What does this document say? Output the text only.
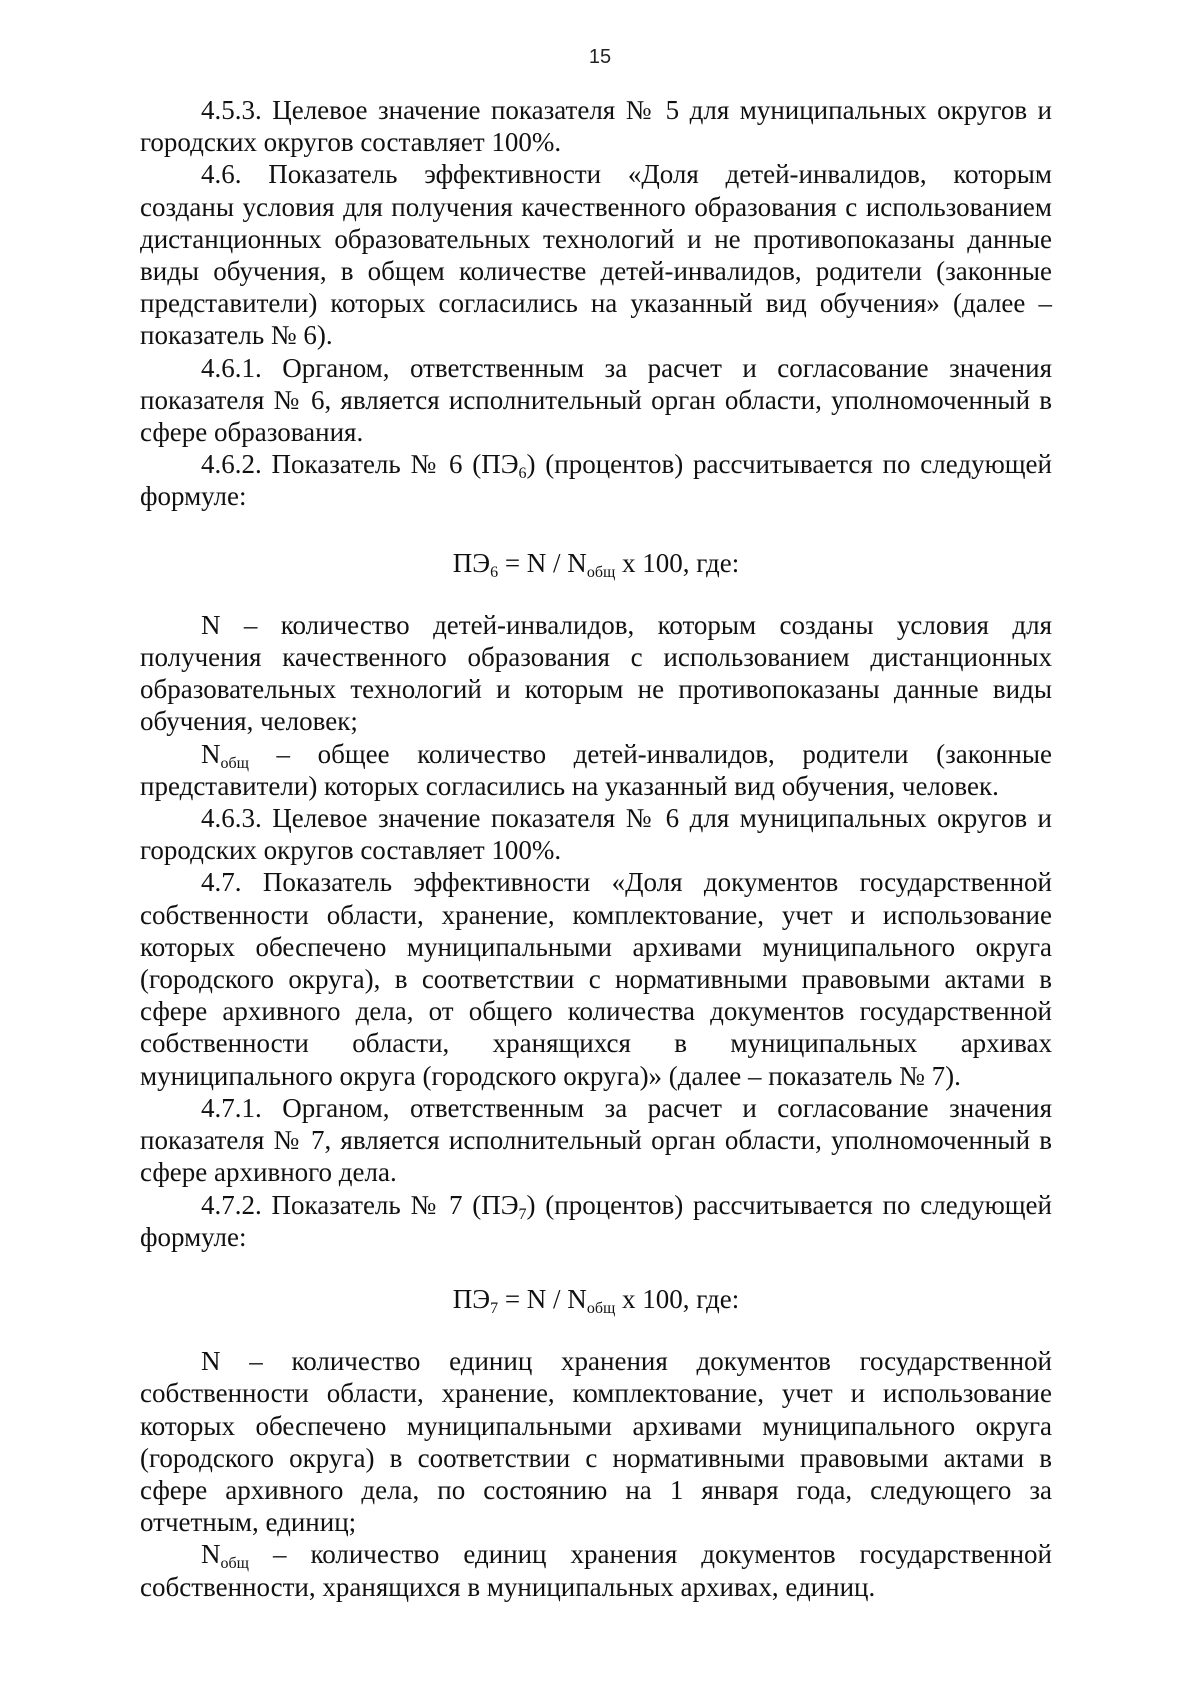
15

4.5.3. Целевое значение показателя № 5 для муниципальных округов и городских округов составляет 100%.

4.6. Показатель эффективности «Доля детей-инвалидов, которым созданы условия для получения качественного образования с использованием дистанционных образовательных технологий и не противопоказаны данные виды обучения, в общем количестве детей-инвалидов, родители (законные представители) которых согласились на указанный вид обучения» (далее – показатель № 6).

4.6.1. Органом, ответственным за расчет и согласование значения показателя № 6, является исполнительный орган области, уполномоченный в сфере образования.

4.6.2. Показатель № 6 $(ПЭ_6)$ (процентов) рассчитывается по следующей формуле:

$ПЭ_6 = N / N_{общ}$ х 100, где:

N – количество детей-инвалидов, которым созданы условия для получения качественного образования с использованием дистанционных образовательных технологий и которым не противопоказаны данные виды обучения, человек;

$N_{общ}$ – общее количество детей-инвалидов, родители (законные представители) которых согласились на указанный вид обучения, человек.

4.6.3. Целевое значение показателя № 6 для муниципальных округов и городских округов составляет 100%.

4.7. Показатель эффективности «Доля документов государственной собственности области, хранение, комплектование, учет и использование которых обеспечено муниципальными архивами муниципального округа (городского округа), в соответствии с нормативными правовыми актами в сфере архивного дела, от общего количества документов государственной собственности области, хранящихся в муниципальных архивах муниципального округа (городского округа)» (далее – показатель № 7).

4.7.1. Органом, ответственным за расчет и согласование значения показателя № 7, является исполнительный орган области, уполномоченный в сфере архивного дела.

4.7.2. Показатель № 7 $(ПЭ_7)$ (процентов) рассчитывается по следующей формуле:

$ПЭ_7 = N / N_{общ}$ х 100, где:

N – количество единиц хранения документов государственной собственности области, хранение, комплектование, учет и использование которых обеспечено муниципальными архивами муниципального округа (городского округа) в соответствии с нормативными правовыми актами в сфере архивного дела, по состоянию на 1 января года, следующего за отчетным, единиц;

$N_{общ}$ – количество единиц хранения документов государственной собственности, хранящихся в муниципальных архивах, единиц.
